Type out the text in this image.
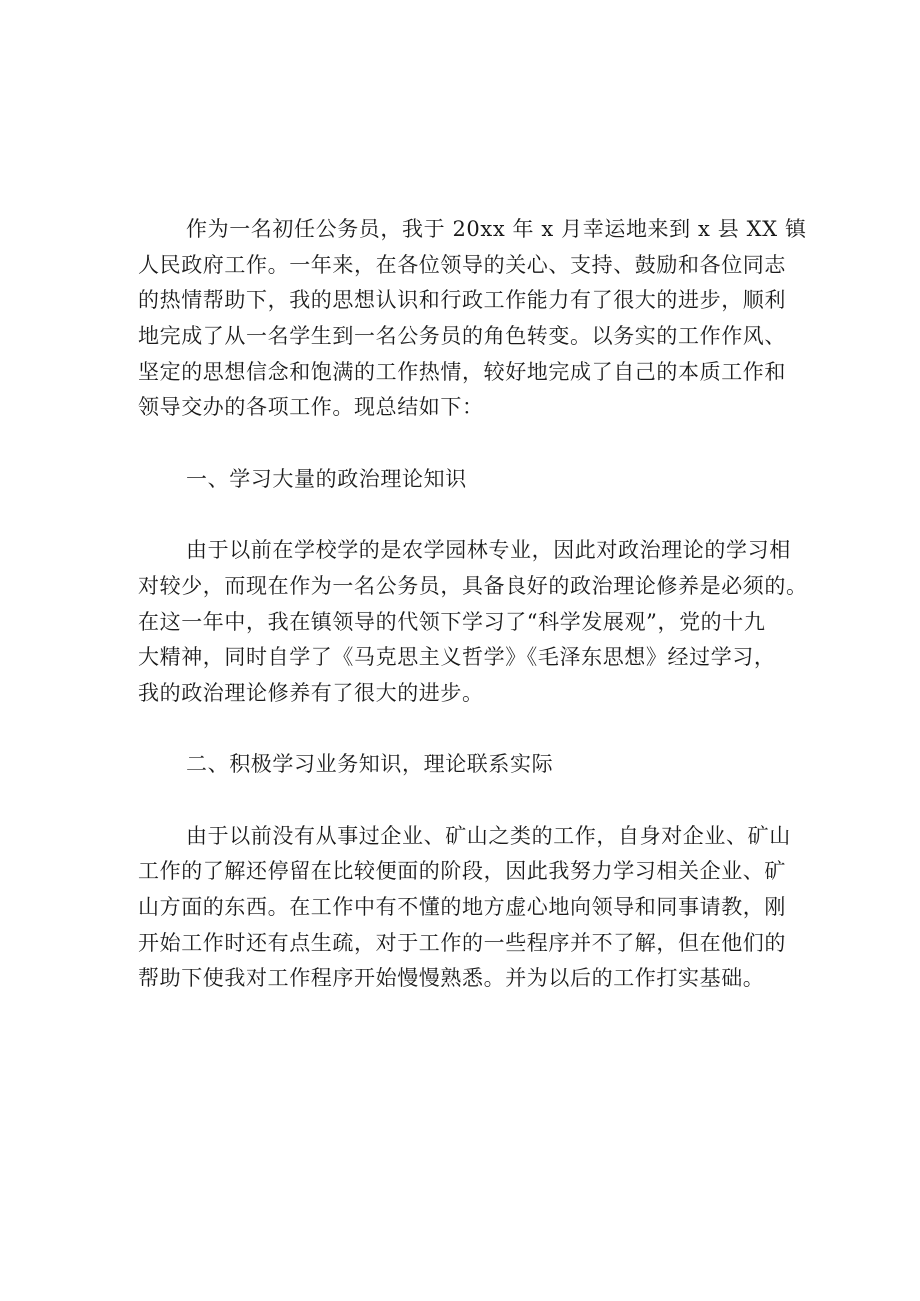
作为一名初任公务员，我于 20xx 年 x 月幸运地来到 x 县 XX 镇
人民政府工作。一年来，在各位领导的关心、支持、鼓励和各位同志
的热情帮助下，我的思想认识和行政工作能力有了很大的进步，顺利
地完成了从一名学生到一名公务员的角色转变。以务实的工作作风、
坚定的思想信念和饱满的工作热情，较好地完成了自己的本质工作和
领导交办的各项工作。现总结如下：
一、学习大量的政治理论知识
由于以前在学校学的是农学园林专业，因此对政治理论的学习相
对较少，而现在作为一名公务员，具备良好的政治理论修养是必须的。
在这一年中，我在镇领导的代领下学习了“科学发展观”，党的十九
大精神，同时自学了《马克思主义哲学》《毛泽东思想》经过学习，
我的政治理论修养有了很大的进步。
二、积极学习业务知识，理论联系实际
由于以前没有从事过企业、矿山之类的工作，自身对企业、矿山
工作的了解还停留在比较便面的阶段，因此我努力学习相关企业、矿
山方面的东西。在工作中有不懂的地方虚心地向领导和同事请教，刚
开始工作时还有点生疏，对于工作的一些程序并不了解，但在他们的
帮助下使我对工作程序开始慢慢熟悉。并为以后的工作打实基础。
